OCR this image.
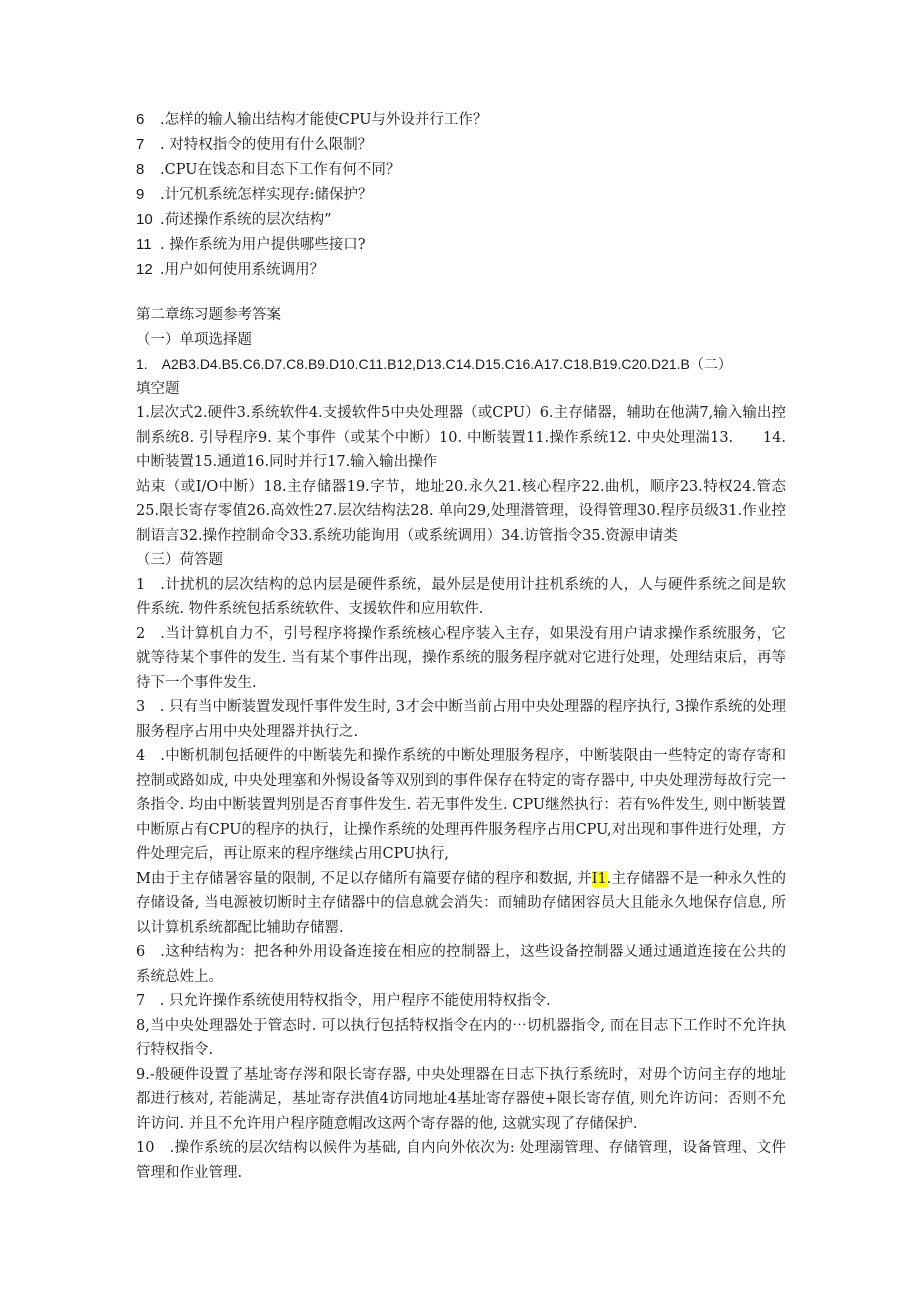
6 .怎样的输人输出结构才能使CPU与外设并行工作？
7 . 对特权指令的使用有什么限制？
8 .CPU在饯态和目态下工作有何不同？
9 .计冗机系统怎样实现存:储保护？
10 .荷述操作系统的层次结构”
11 . 操作系统为用户提供哪些接口?
12 .用户如何使用系统调用？

第二章练习题参考答案

（一）单项选择题

1.　A2B3.D4.B5.C6.D7.C8.B9.D10.C11.B12,D13.C14.D15.C16.A17.C18.B19.C20.D21.B（二）

填空题

1.层次式2.硬件3.系统软件4.支援软件5中央处理器（或CPU）6.主存储器，辅助在他满7,输入输出控制系统8. 引导程序9. 某个事件（或某个中断）10. 中断装置11.操作系统12. 中央处理湍13.　　14.中断装置15.通道16.同时并行17.输入输出操作

站束（或I/O中断）18.主存储器19.字节，地址20.永久21.核心程序22.曲机，顺序23.特权24.管态25.限长寄存零值26.高效性27.层次结构法28. 单向29,处理潜管理，设得管理30.程序员级31.作业控制语言32.操作控制命令33.系统功能询用（或系统调用）34.访管指令35.资源申请类

（三）荷答题

1　.计扰机的层次结构的总内层是硬件系统，最外层是使用计拄机系统的人，人与硬件系统之间是软件系统. 物件系统包括系统软件、支援软件和应用软件.

2　.当计算机自力不，引号程序将操作系统核心程序装入主存，如果没有用户请求操作系统服务，它就等待某个事件的发生. 当有某个事件出现，操作系统的服务程序就对它进行处理，处理结束后，再等待下一个事件发生.

3　. 只有当中断装置发现忏事件发生时, 3才会中断当前占用中央处理器的程序执行, 3操作系统的处理服务程序占用中央处理器并执行之.

4　.中断机制包括硬件的中断装先和操作系统的中断处理服务程序，中断装限由一些特定的寄存寄和控制或路如成, 中央处理塞和外惕设备等双别到的事件保存在特定的寄存器中, 中央处理涝每故行完一条指令. 均由中断装置判别是否育事件发生. 若无事件发生. CPU继然执行：若有%件发生, 则中断装置中断原占有CPU的程序的执行，让操作系统的处理再件服务程序占用CPU,对出现和事件进行处理，方件处理完后，再让原来的程序继续占用CPU执行,

M由于主存储暑容量的限制, 不足以存储所有篇要存储的程序和数据, 并I1.主存储器不是一种永久性的存储设备, 当电源被切断时主存储器中的信息就会消失：而辅助存储困容员大且能永久地保存信息, 所以计算机系统都配比辅助存储罂.

6　.这种结构为：把各种外用设备连接在相应的控制器上，这些设备控制器乂通过通道连接在公共的系统总姓上。

7　. 只允许操作系统使用特权指令，用户程序不能使用特权指令.

8,当中央处理器处于管态时. 可以执行包括特权指令在内的⋯切机器指令, 而在目志下工作时不允许执行特权指令.

9.-般硬件设置了基址寄存涔和限长寄存器, 中央处理器在日志下执行系统时，对毋个访问主存的地址都进行核对, 若能满足，基址寄存洪值4访同地址4基址寄存器使+限长寄存值, 则允许访问：否则不允许访问. 并且不允许用户程序随意帽改这两个寄存器的他, 这就实现了存储保护.

10　.操作系统的层次结构以候件为基础, 自内向外依次为: 处理溺管理、存储管理，设备管理、文件管理和作业管理.
